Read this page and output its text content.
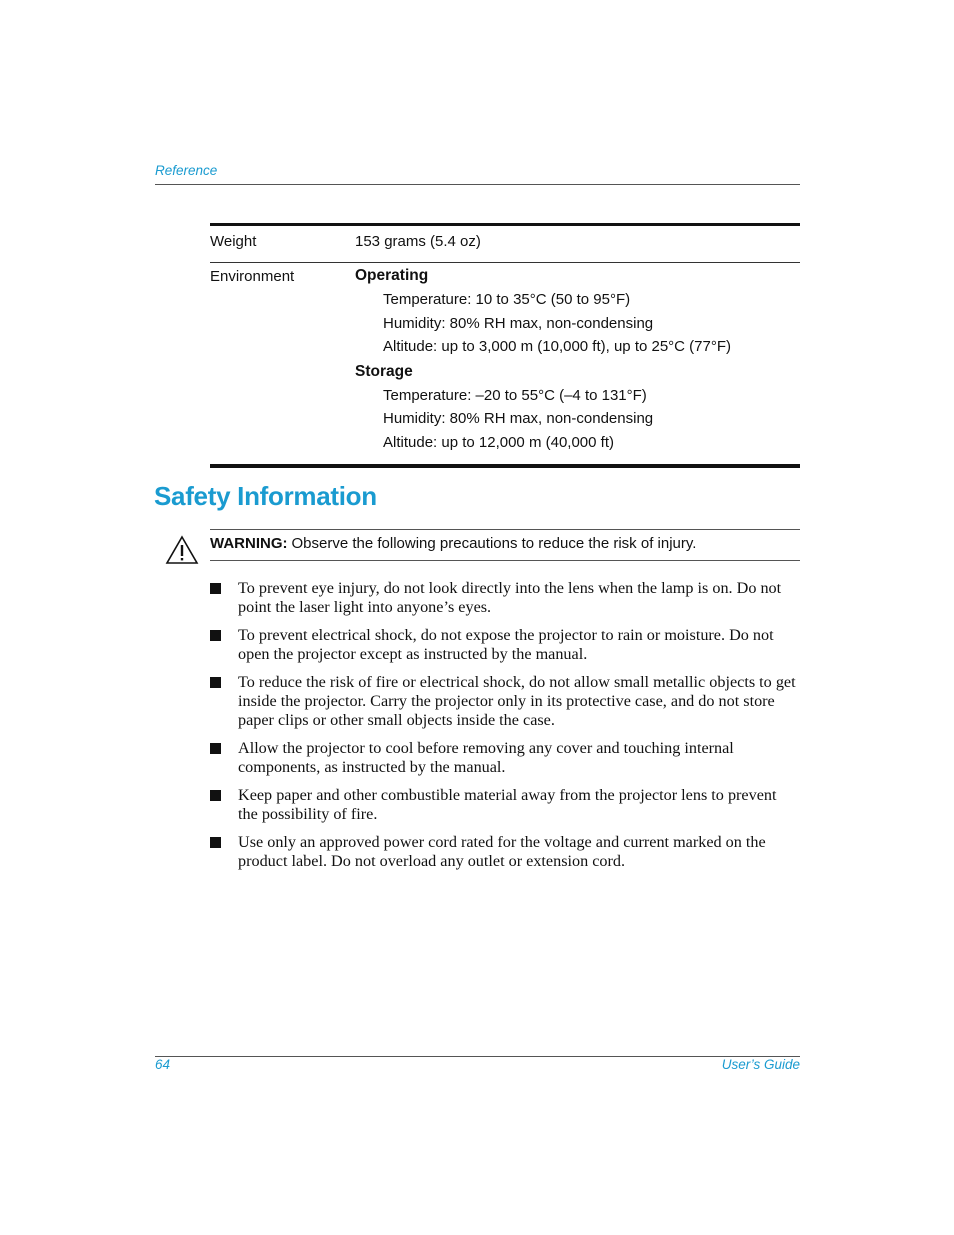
Reference
Weight	153 grams (5.4 oz)
Environment	Operating
Temperature: 10 to 35°C (50 to 95°F)
Humidity: 80% RH max, non-condensing
Altitude: up to 3,000 m (10,000 ft), up to 25°C (77°F)
Storage
Temperature: –20 to 55°C (–4 to 131°F)
Humidity: 80% RH max, non-condensing
Altitude: up to 12,000 m (40,000 ft)
Safety Information
WARNING: Observe the following precautions to reduce the risk of injury.
To prevent eye injury, do not look directly into the lens when the lamp is on. Do not point the laser light into anyone’s eyes.
To prevent electrical shock, do not expose the projector to rain or moisture. Do not open the projector except as instructed by the manual.
To reduce the risk of fire or electrical shock, do not allow small metallic objects to get inside the projector. Carry the projector only in its protective case, and do not store paper clips or other small objects inside the case.
Allow the projector to cool before removing any cover and touching internal components, as instructed by the manual.
Keep paper and other combustible material away from the projector lens to prevent the possibility of fire.
Use only an approved power cord rated for the voltage and current marked on the product label. Do not overload any outlet or extension cord.
64	User’s Guide
